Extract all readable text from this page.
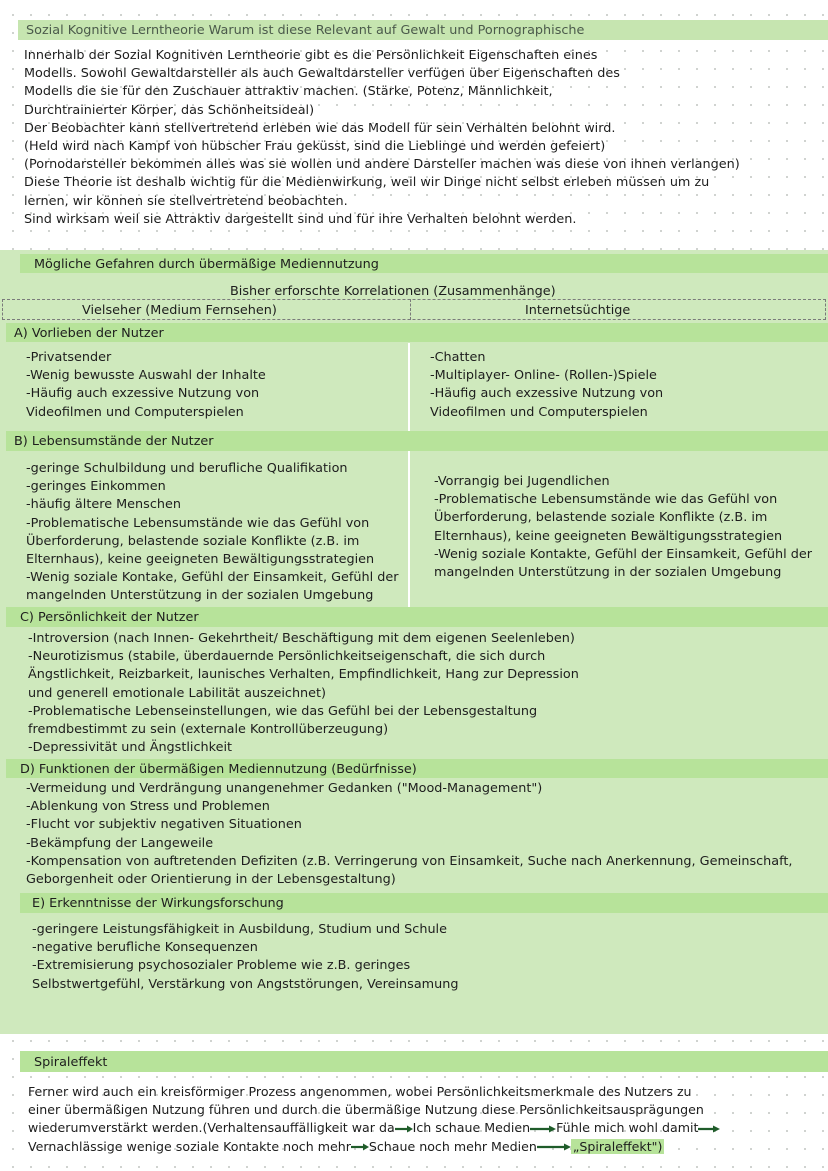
Sozial Kognitive Lerntheorie Warum ist diese Relevant auf Gewalt und Pornographische
Innerhalb der Sozial Kognitiven Lerntheorie gibt es die Persönlichkeit Eigenschaften eines
Modells. Sowohl Gewaltdarsteller als auch Gewaltdarsteller verfügen über Eigenschaften des
Modells die sie für den Zuschauer attraktiv machen. (Stärke, Potenz, Männlichkeit,
Durchtrainierter Körper, das Schönheitsideal)
Der Beobachter kann stellvertretend erleben wie das Modell für sein Verhalten belohnt wird.
(Held wird nach Kampf von hübscher Frau geküsst, sind die Lieblinge und werden gefeiert)
(Pornodarsteller bekommen alles was sie wollen und andere Darsteller machen was diese von ihnen verlangen)
Diese Theorie ist deshalb wichtig für die Medienwirkung, weil wir Dinge nicht selbst erleben müssen um zu
lernen, wir können sie stellvertretend beobachten.
Sind wirksam weil sie Attraktiv dargestellt sind und für ihre Verhalten belohnt werden.
Mögliche Gefahren durch übermäßige Mediennutzung
Bisher erforschte Korrelationen (Zusammenhänge)
Vielseher (Medium Fernsehen)	Internetsüchtige
A) Vorlieben der Nutzer
-Privatsender
-Wenig bewusste Auswahl der Inhalte
-Häufig auch exzessive Nutzung von
Videofilmen und Computerspielen
-Chatten
-Multiplayer- Online- (Rollen-)Spiele
-Häufig auch exzessive Nutzung von
Videofilmen und Computerspielen
B) Lebensumstände der Nutzer
-geringe Schulbildung und berufliche Qualifikation
-geringes Einkommen
-häufig ältere Menschen
-Problematische Lebensumstände wie das Gefühl von
Überforderung, belastende soziale Konflikte (z.B. im
Elternhaus), keine geeigneten Bewältigungsstrategien
-Wenig soziale Kontake, Gefühl der Einsamkeit, Gefühl der
mangelnden Unterstützung in der sozialen Umgebung
-Vorrangig bei Jugendlichen
-Problematische Lebensumstände wie das Gefühl von
Überforderung, belastende soziale Konflikte (z.B. im
Elternhaus), keine geeigneten Bewältigungsstrategien
-Wenig soziale Kontakte, Gefühl der Einsamkeit, Gefühl der
mangelnden Unterstützung in der sozialen Umgebung
C) Persönlichkeit der Nutzer
-Introversion (nach Innen- Gekehrtheit/ Beschäftigung mit dem eigenen Seelenleben)
-Neurotizismus (stabile, überdauernde Persönlichkeitseigenschaft, die sich durch
Ängstlichkeit, Reizbarkeit, launisches Verhalten, Empfindlichkeit, Hang zur Depression
und generell emotionale Labilität auszeichnet)
-Problematische Lebenseinstellungen, wie das Gefühl bei der Lebensgestaltung
fremdbestimmt zu sein (externale Kontrollüberzeugung)
-Depressivität und Ängstlichkeit
D) Funktionen der übermäßigen Mediennutzung (Bedürfnisse)
-Vermeidung und Verdrängung unangenehmer Gedanken ("Mood-Management")
-Ablenkung von Stress und Problemen
-Flucht vor subjektiv negativen Situationen
-Bekämpfung der Langeweile
-Kompensation von auftretenden Defiziten (z.B. Verringerung von Einsamkeit, Suche nach Anerkennung, Gemeinschaft,
Geborgenheit oder Orientierung in der Lebensgestaltung)
E) Erkenntnisse der Wirkungsforschung
-geringere Leistungsfähigkeit in Ausbildung, Studium und Schule
-negative berufliche Konsequenzen
-Extremisierung psychosozialer Probleme wie z.B. geringes
Selbstwertgefühl, Verstärkung von Angststörungen, Vereinsamung
Spiraleffekt
Ferner wird auch ein kreisförmiger Prozess angenommen, wobei Persönlichkeitsmerkmale des Nutzers zu
einer übermäßigen Nutzung führen und durch die übermäßige Nutzung diese Persönlichkeitsausprägungen
wiederumverstärkt werden.(Verhaltensauffälligkeit war da Ich schaue Medien Fühle mich wohl damit
Vernachlässige wenige soziale Kontakte noch mehr Schaue noch mehr Medien	„Spiraleffekt")
